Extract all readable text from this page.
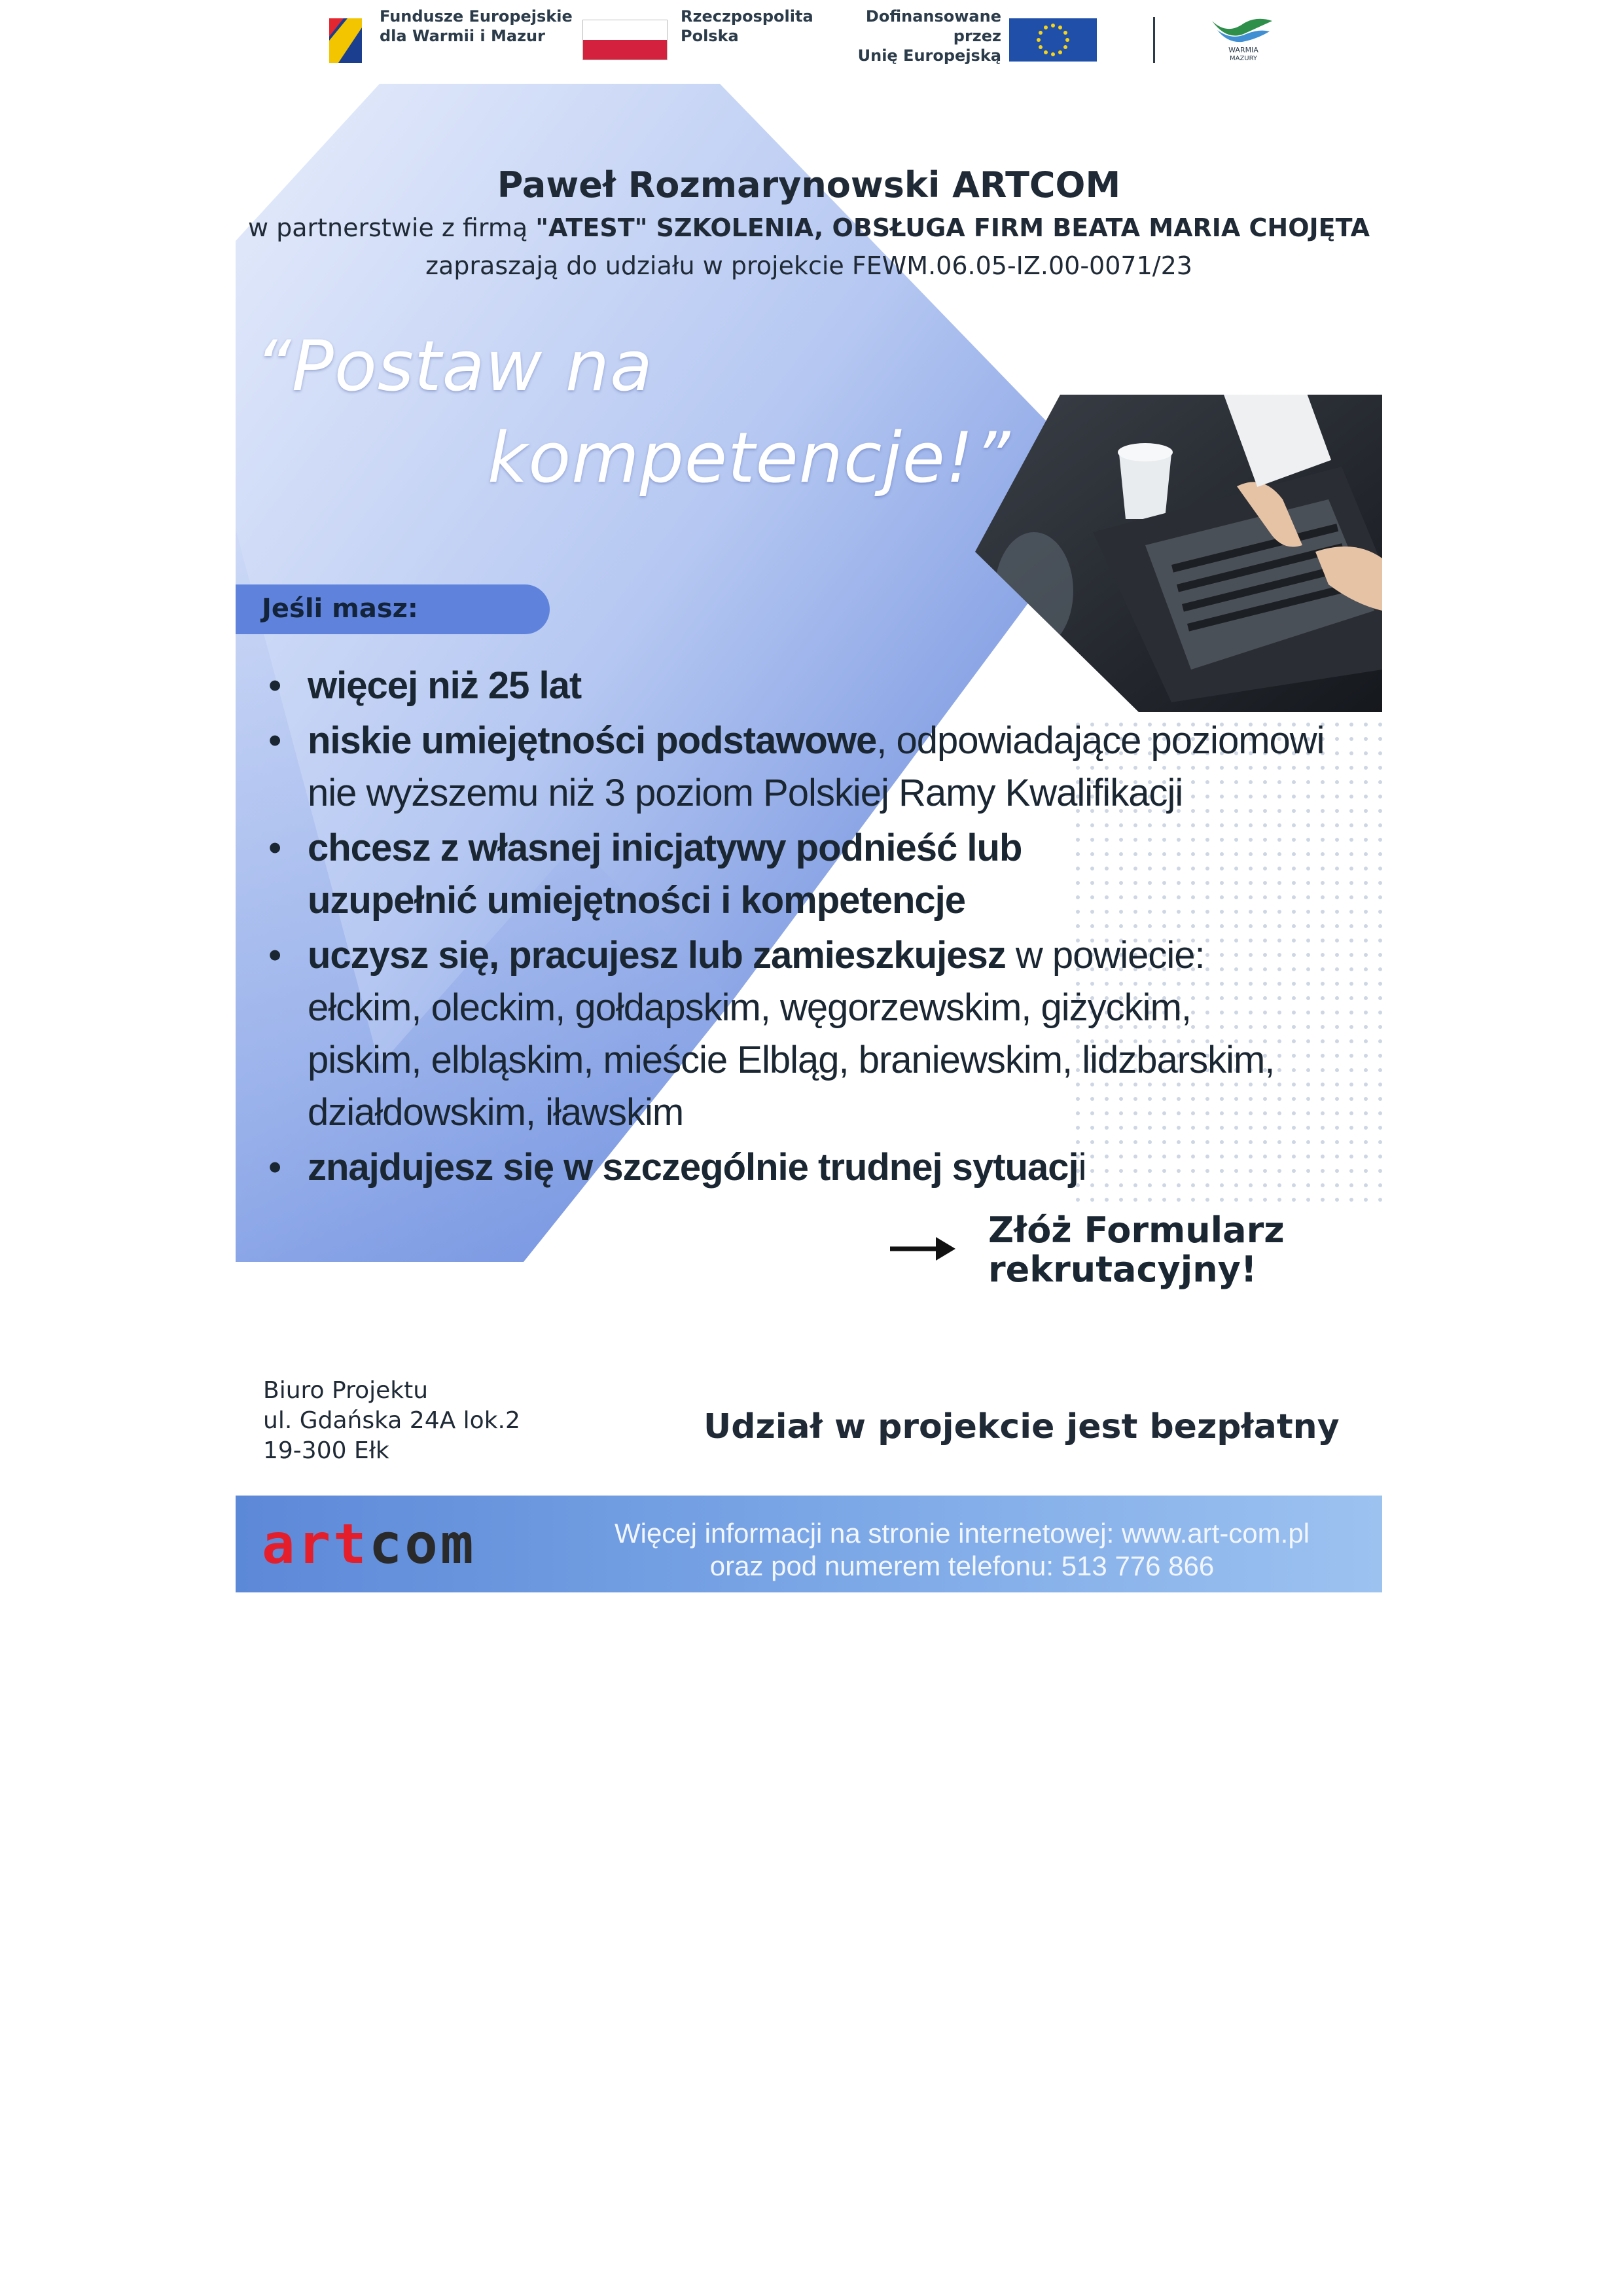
Fundusze Europejskie
dla Warmii i Mazur
Rzeczpospolita
Polska
Dofinansowane przez
Unię Europejską	WARMIA
MAZURY
Paweł Rozmarynowski ARTCOM
w partnerstwie z firmą "ATEST" SZKOLENIA, OBSŁUGA FIRM BEATA MARIA CHOJĘTA
zapraszają do udziału w projekcie FEWM.06.05-IZ.00-0071/23
“Postaw na
kompetencje!”
Jeśli masz:
• więcej niż 25 lat
• niskie umiejętności podstawowe, odpowiadające poziomowi nie wyższemu niż 3 poziom Polskiej Ramy Kwalifikacji
• chcesz z własnej inicjatywy podnieść lub uzupełnić umiejętności i kompetencje
• uczysz się, pracujesz lub zamieszkujesz w powiecie: ełckim, oleckim, gołdapskim, węgorzewskim, giżyckim, piskim, elbląskim, mieście Elbląg, braniewskim, lidzbarskim, działdowskim, iławskim
• znajdujesz się w szczególnie trudnej sytuacji
Złóż Formularz
rekrutacyjny!
Biuro Projektu
ul. Gdańska 24A lok.2
19-300 Ełk
Udział w projekcie jest bezpłatny
artcom	Więcej informacji na stronie internetowej: www.art-com.pl
oraz pod numerem telefonu: 513 776 866
